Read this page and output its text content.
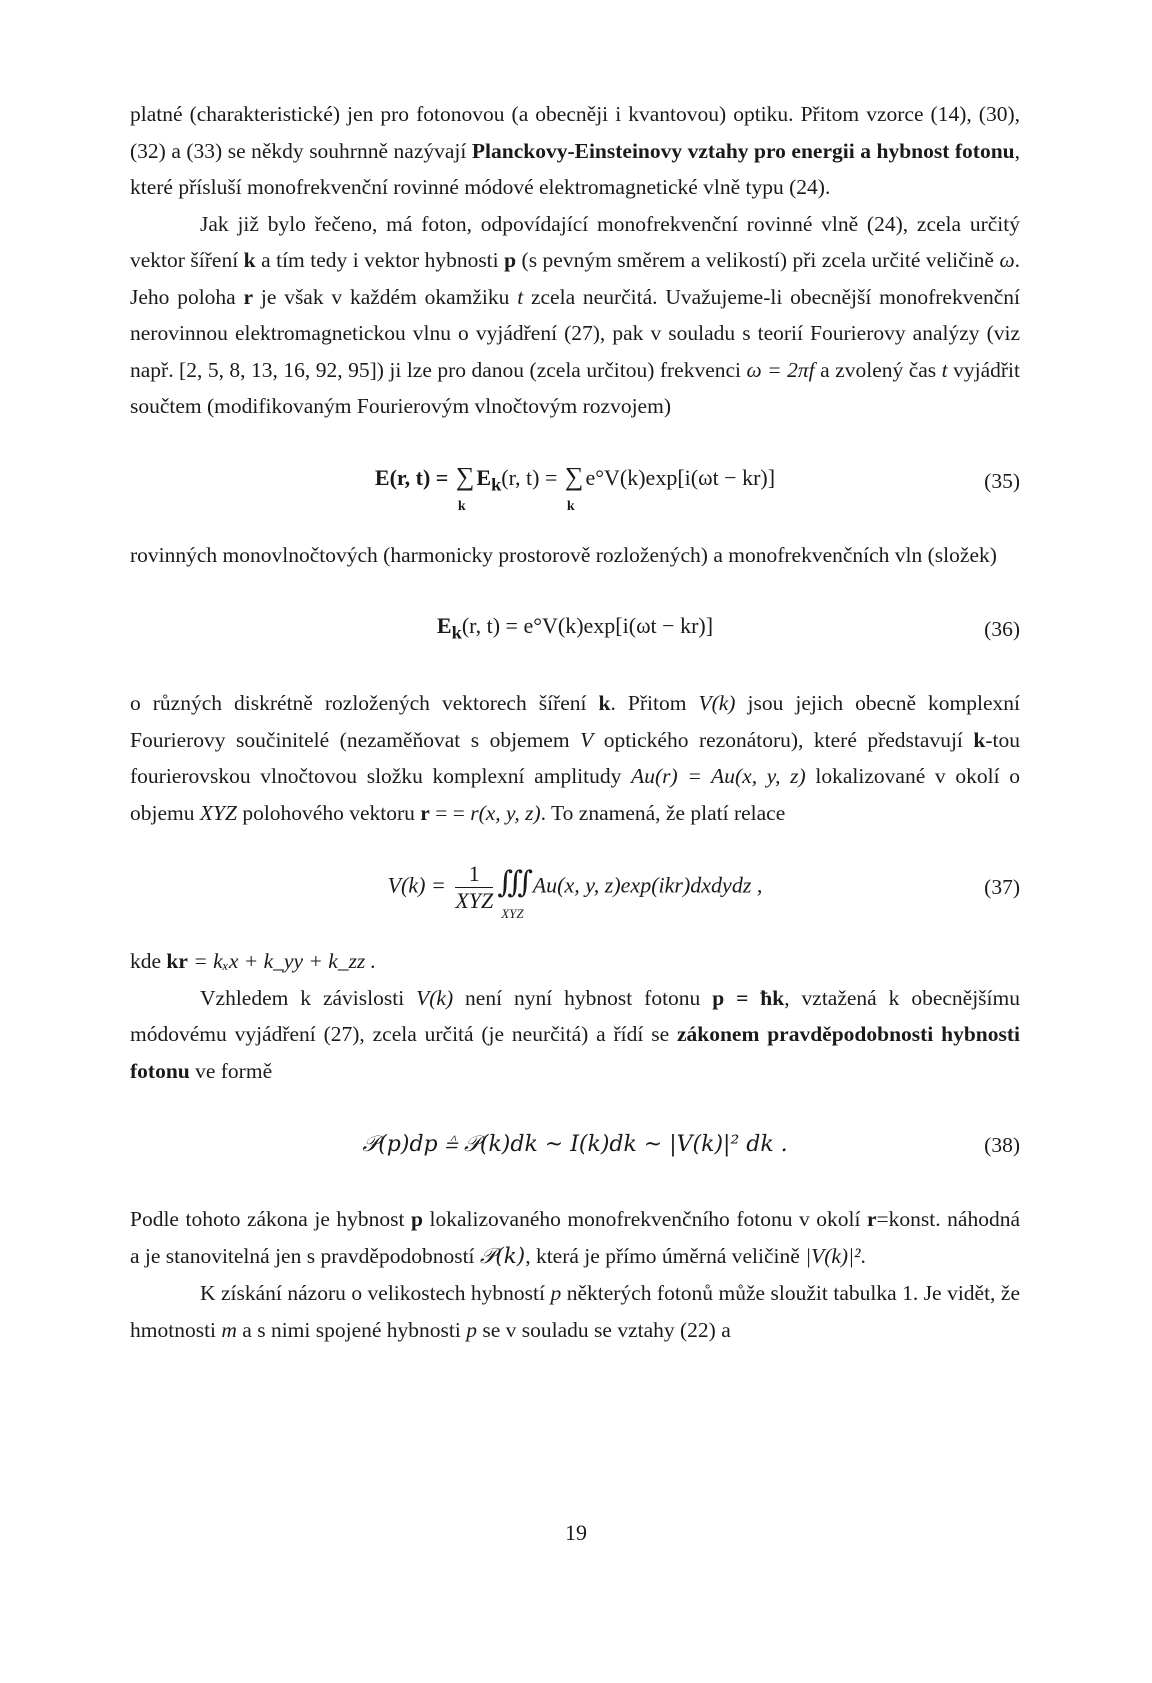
platné (charakteristické) jen pro fotonovou (a obecněji i kvantovou) optiku. Přitom vzorce (14), (30), (32) a (33) se někdy souhrnně nazývají Planckovy-Einsteinovy vztahy pro energii a hybnost fotonu, které přísluší monofrekvenční rovinné módové elektromagnetické vlně typu (24).

Jak již bylo řečeno, má foton, odpovídající monofrekvenční rovinné vlně (24), zcela určitý vektor šíření k a tím tedy i vektor hybnosti p (s pevným směrem a velikostí) při zcela určité veličině ω. Jeho poloha r je však v každém okamžiku t zcela neurčitá. Uvažujeme-li obecnější monofrekvenční nerovinnou elektromagnetickou vlnu o vyjádření (27), pak v souladu s teorií Fourierovy analýzy (viz např. [2, 5, 8, 13, 16, 92, 95]) ji lze pro danou (zcela určitou) frekvenci ω = 2πf a zvolený čas t vyjádřit součtem (modifikovaným Fourierovým vlnočtovým rozvojem)

E(r, t) = ∑
k
$E_k(r$, t) = ∑
k
e°V(k)exp[i(ωt − kr)]	(35)

rovinných monovlnočtových (harmonicky prostorově rozložených) a monofrekvenčních vln (složek)

$E_k(r$, t) = e°V(k)exp[i(ωt − kr)]	(36)

o různých diskrétně rozložených vektorech šíření k. Přitom V(k) jsou jejich obecně komplexní Fourierovy součinitelé (nezaměňovat s objemem V optického rezonátoru), které představují k-tou fourierovskou vlnočtovou složku komplexní amplitudy Au(r) = Au(x, y, z) lokalizované v okolí o objemu XYZ polohového vektoru r = = r(x, y, z). To znamená, že platí relace

$V(k) = \frac{1}{\text{XYZ}}$ ∭
XYZ
Au(x, y, z)exp(ikr)dxdydz ,	(37)

kde kr = kₓx + k_yy + k_zz .

Vzhledem k závislosti V(k) není nyní hybnost fotonu p = ħk, vztažená k obecnějšímu módovému vyjádření (27), zcela určitá (je neurčitá) a řídí se zákonem pravděpodobnosti hybnosti fotonu ve formě

𝒫(p)dp ≙ 𝒫(k)dk ~ I(k)dk ~ |V(k)|² dk .	(38)

Podle tohoto zákona je hybnost p lokalizovaného monofrekvenčního fotonu v okolí r=konst. náhodná a je stanovitelná jen s pravděpodobností 𝒫(k), která je přímo úměrná veličině |V(k)|².

K získání názoru o velikostech hybností p některých fotonů může sloužit tabulka 1. Je vidět, že hmotnosti m a s nimi spojené hybnosti p se v souladu se vztahy (22) a

19
